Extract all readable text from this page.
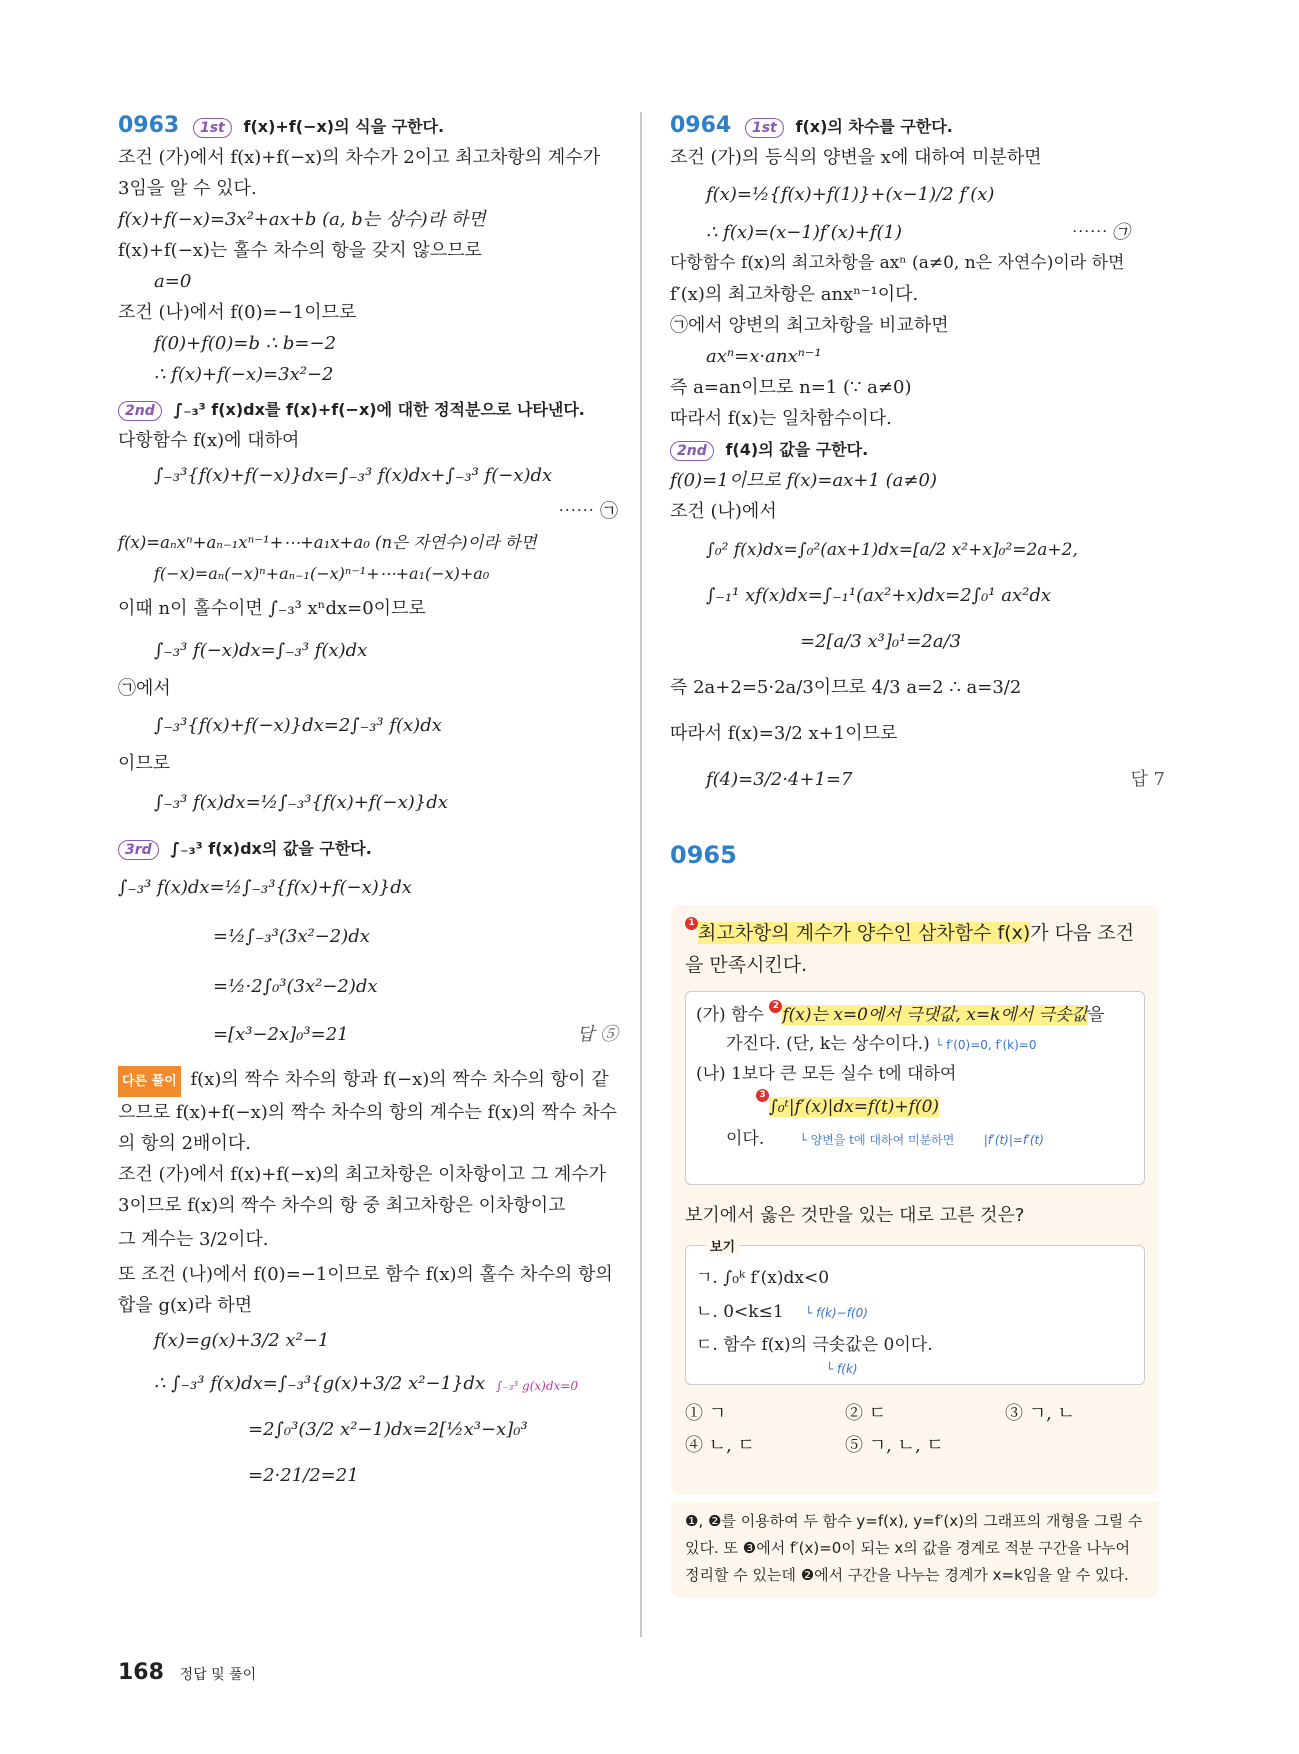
0963 1st f(x)+f(−x)의 식을 구한다.
조건 (가)에서 f(x)+f(−x)의 차수가 2이고 최고차항의 계수가
3임을 알 수 있다.
f(x)+f(−x)=3x²+ax+b (a, b는 상수)라 하면
f(x)+f(−x)는 홀수 차수의 항을 갖지 않으므로
a=0
조건 (나)에서 f(0)=−1이므로
f(0)+f(0)=b ∴ b=−2
∴ f(x)+f(−x)=3x²−2
2nd ∫₋₃³ f(x)dx를 f(x)+f(−x)에 대한 정적분으로 나타낸다.
다항함수 f(x)에 대하여
∫₋₃³{f(x)+f(−x)}dx=∫₋₃³ f(x)dx+∫₋₃³ f(−x)dx
⋯⋯ ㉠
f(x)=aₙxⁿ+aₙ₋₁xⁿ⁻¹+⋯+a₁x+a₀ (n은 자연수)이라 하면
f(−x)=aₙ(−x)ⁿ+aₙ₋₁(−x)ⁿ⁻¹+⋯+a₁(−x)+a₀
이때 n이 홀수이면 ∫₋₃³ xⁿdx=0이므로
∫₋₃³ f(−x)dx=∫₋₃³ f(x)dx
㉠에서
∫₋₃³{f(x)+f(−x)}dx=2∫₋₃³ f(x)dx
이므로
∫₋₃³ f(x)dx=½∫₋₃³{f(x)+f(−x)}dx
3rd ∫₋₃³ f(x)dx의 값을 구한다.
∫₋₃³ f(x)dx=½∫₋₃³{f(x)+f(−x)}dx
=½∫₋₃³(3x²−2)dx
=½·2∫₀³(3x²−2)dx
=[x³−2x]₀³=21	답 ⑤
다른 풀이 f(x)의 짝수 차수의 항과 f(−x)의 짝수 차수의 항이 같으므로 f(x)+f(−x)의 짝수 차수의 항의 계수는 f(x)의 짝수 차수의 항의 2배이다.
조건 (가)에서 f(x)+f(−x)의 최고차항은 이차항이고 그 계수가 3이므로 f(x)의 짝수 차수의 항 중 최고차항은 이차항이고
그 계수는 3/2이다.
또 조건 (나)에서 f(0)=−1이므로 함수 f(x)의 홀수 차수의 항의 합을 g(x)라 하면
f(x)=g(x)+3/2 x²−1
∴ ∫₋₃³ f(x)dx=∫₋₃³{g(x)+3/2 x²−1}dx ∫₋₃³ g(x)dx=0
=2∫₀³(3/2 x²−1)dx=2[½x³−x]₀³
=2·21/2=21
0964 1st f(x)의 차수를 구한다.
조건 (가)의 등식의 양변을 x에 대하여 미분하면
f(x)=½{f(x)+f(1)}+(x−1)/2 f′(x)
∴ f(x)=(x−1)f′(x)+f(1)	⋯⋯ ㉠
다항함수 f(x)의 최고차항을 axⁿ (a≠0, n은 자연수)이라 하면
f′(x)의 최고차항은 anxⁿ⁻¹이다.
㉠에서 양변의 최고차항을 비교하면
axⁿ=x·anxⁿ⁻¹
즉 a=an이므로 n=1 (∵ a≠0)
따라서 f(x)는 일차함수이다.
2nd f(4)의 값을 구한다.
f(0)=1이므로 f(x)=ax+1 (a≠0)
조건 (나)에서
∫₀² f(x)dx=∫₀²(ax+1)dx=[a/2 x²+x]₀²=2a+2,
∫₋₁¹ xf(x)dx=∫₋₁¹(ax²+x)dx=2∫₀¹ ax²dx
=2[a/3 x³]₀¹=2a/3
즉 2a+2=5·2a/3이므로 4/3 a=2 ∴ a=3/2
따라서 f(x)=3/2 x+1이므로
f(4)=3/2·4+1=7	답 7
0965
1 최고차항의 계수가 양수인 삼차함수 f(x)가 다음 조건
을 만족시킨다.
(가) 함수 2 f(x)는 x=0에서 극댓값, x=k에서 극솟값을
가진다. (단, k는 상수이다.) └ f′(0)=0, f′(k)=0
(나) 1보다 큰 모든 실수 t에 대하여
3∫₀ᵗ|f′(x)|dx=f(t)+f(0)
이다.	└ 양변을 t에 대하여 미분하면 |f′(t)|=f′(t)
보기에서 옳은 것만을 있는 대로 고른 것은?
보기
ㄱ. ∫₀ᵏ f′(x)dx<0
ㄴ. 0<k≤1 └ f(k)−f(0)
ㄷ. 함수 f(x)의 극솟값은 0이다.
└ f(k)
① ㄱ	② ㄷ	③ ㄱ, ㄴ
④ ㄴ, ㄷ	⑤ ㄱ, ㄴ, ㄷ
❶, ❷를 이용하여 두 함수 y=f(x), y=f′(x)의 그래프의 개형을 그릴 수 있다. 또 ❸에서 f′(x)=0이 되는 x의 값을 경계로 적분 구간을 나누어 정리할 수 있는데 ❷에서 구간을 나누는 경계가 x=k임을 알 수 있다.
168 정답 및 풀이
